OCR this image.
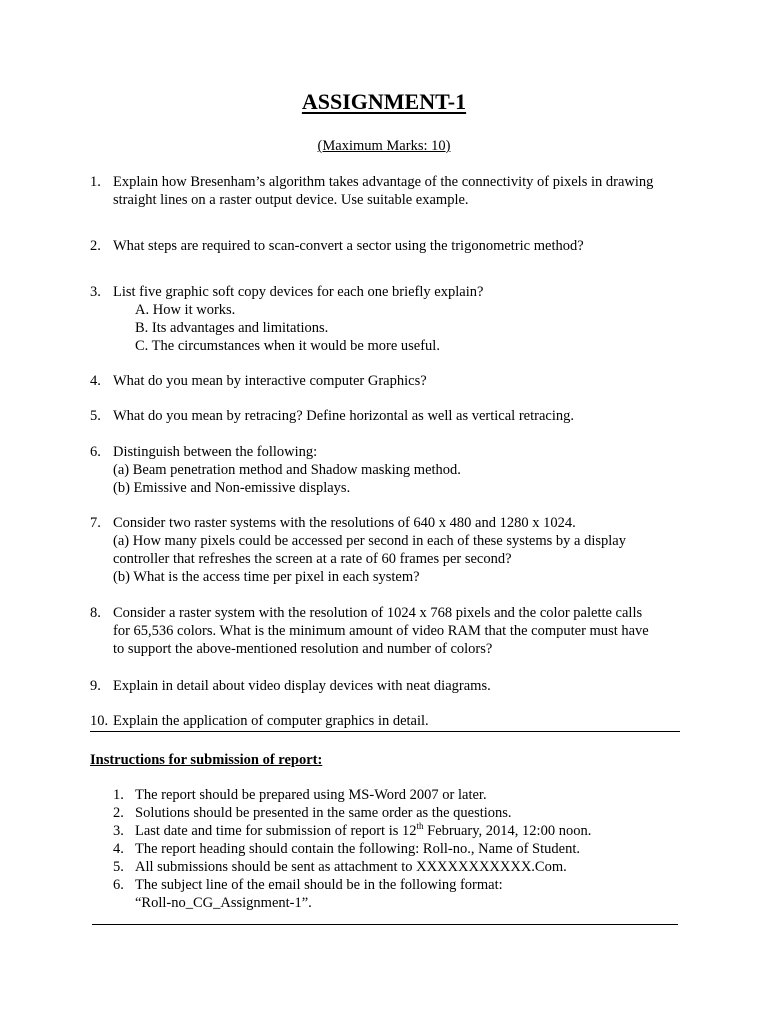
ASSIGNMENT-1
(Maximum Marks: 10)
1. Explain how Bresenham’s algorithm takes advantage of the connectivity of pixels in drawing
straight lines on a raster output device. Use suitable example.
2. What steps are required to scan-convert a sector using the trigonometric method?
3. List five graphic soft copy devices for each one briefly explain?
A. How it works.
B. Its advantages and limitations.
C. The circumstances when it would be more useful.
4. What do you mean by interactive computer Graphics?
5. What do you mean by retracing? Define horizontal as well as vertical retracing.
6. Distinguish between the following:
(a) Beam penetration method and Shadow masking method.
(b) Emissive and Non-emissive displays.
7. Consider two raster systems with the resolutions of 640 x 480 and 1280 x 1024.
(a) How many pixels could be accessed per second in each of these systems by a display
controller that refreshes the screen at a rate of 60 frames per second?
(b) What is the access time per pixel in each system?
8. Consider a raster system with the resolution of 1024 x 768 pixels and the color palette calls
for 65,536 colors. What is the minimum amount of video RAM that the computer must have
to support the above-mentioned resolution and number of colors?
9. Explain in detail about video display devices with neat diagrams.
10. Explain the application of computer graphics in detail.
Instructions for submission of report:
1. The report should be prepared using MS-Word 2007 or later.
2. Solutions should be presented in the same order as the questions.
3. Last date and time for submission of report is 12th February, 2014, 12:00 noon.
4. The report heading should contain the following: Roll-no., Name of Student.
5. All submissions should be sent as attachment to XXXXXXXXXXX.Com.
6. The subject line of the email should be in the following format:
“Roll-no_CG_Assignment-1”.
